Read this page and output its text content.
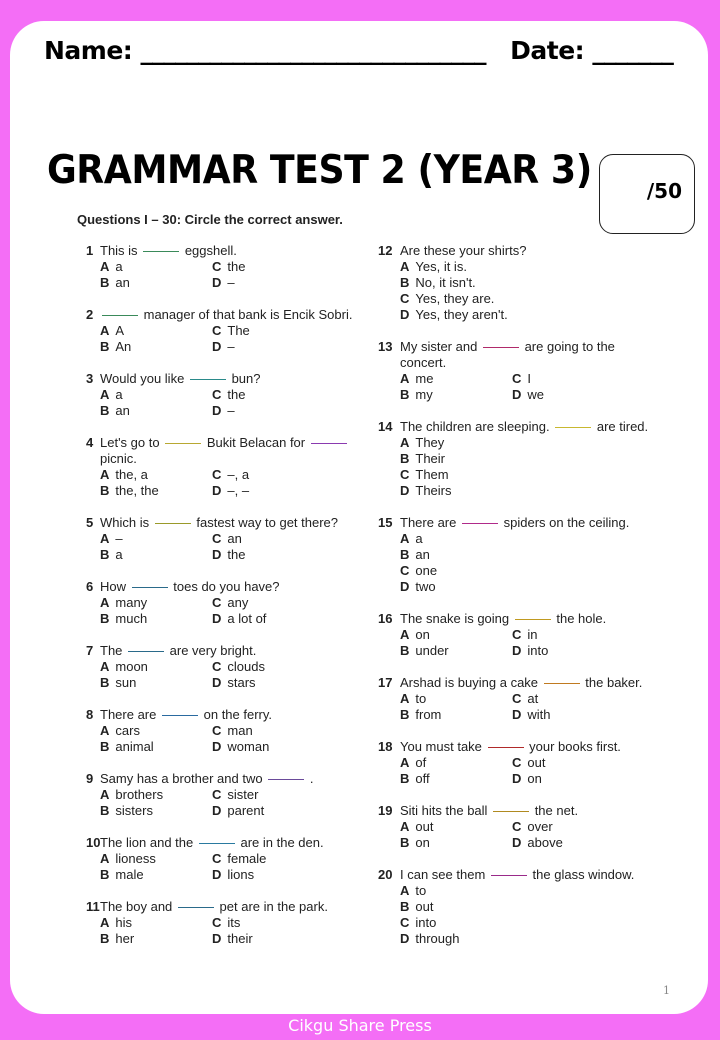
Name: ______________________________ Date: _______
GRAMMAR TEST 2 (YEAR 3)	/50
Questions I – 30: Circle the correct answer.
1 This is	eggshell.
A a	C the
B an	D –
2	manager of that bank is Encik Sobri.
A A	C The
B An	D –
3 Would you like	bun?
A a	C the
B an	D –
4 Let's go to	Bukit Belacan for  picnic.
A the, a	C –, a
B the, the	D –, –
5 Which is	fastest way to get there?
A –	C an
B a	D the
6 How	toes do you have?
A many	C any
B much	D a lot of
7 The	are very bright.
A moon	C clouds
B sun	D stars
8 There are	on the ferry.
A cars	C man
B animal	D woman
9 Samy has a brother and two	.
A brothers	C sister
B sisters	D parent
10 The lion and the	are in the den.
A lioness	C female
B male	D lions
11 The boy and	pet are in the park.
A his	C its
B her	D their
12 Are these your shirts?
A Yes, it is.
B No, it isn't.
C Yes, they are.
D Yes, they aren't.
13 My sister and	are going to the concert.
A me	C I
B my	D we
14 The children are sleeping.	are tired.
A They
B Their
C Them
D Theirs
15 There are	spiders on the ceiling.
A a
B an
C one
D two
16 The snake is going	the hole.
A on	C in
B under	D into
17 Arshad is buying a cake	the baker.
A to	C at
B from	D with
18 You must take	your books first.
A of	C out
B off	D on
19 Siti hits the ball	the net.
A out	C over
B on	D above
20 I can see them	the glass window.
A to
B out
C into
D through
1
Cikgu Share Press
